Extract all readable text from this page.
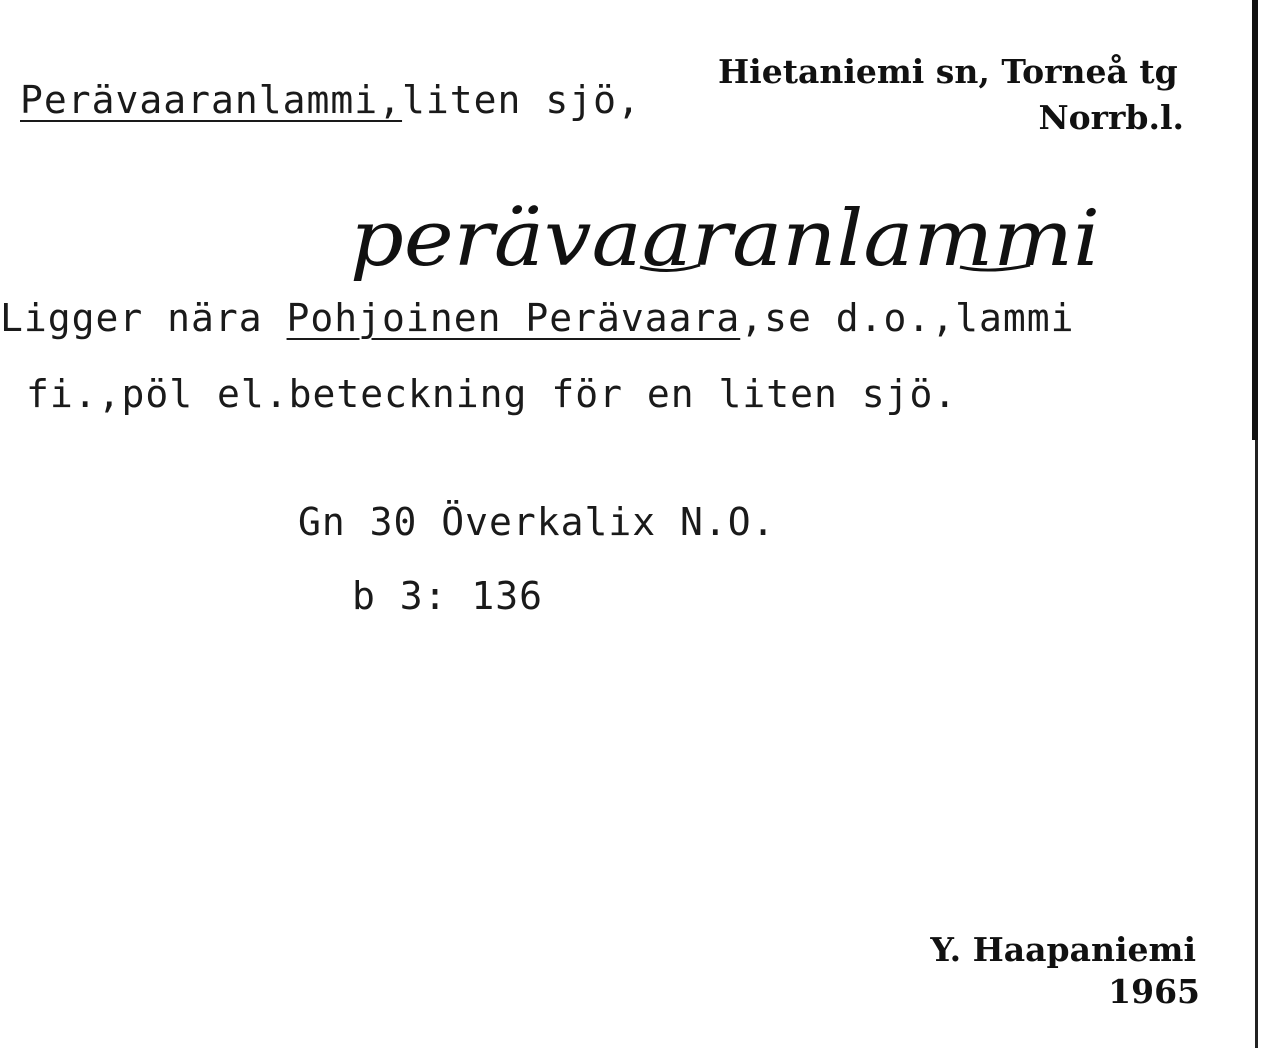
Perävaaranlammi,liten sjö,
Hietaniemi sn, Torneå tg
Norrb.l.
perävaaranlammi
Ligger nära Pohjoinen Perävaara,se d.o.,lammi
fi.,pöl el.beteckning för en liten sjö.
Gn 30 Överkalix N.O.
b 3: 136
Y. Haapaniemi
1965
